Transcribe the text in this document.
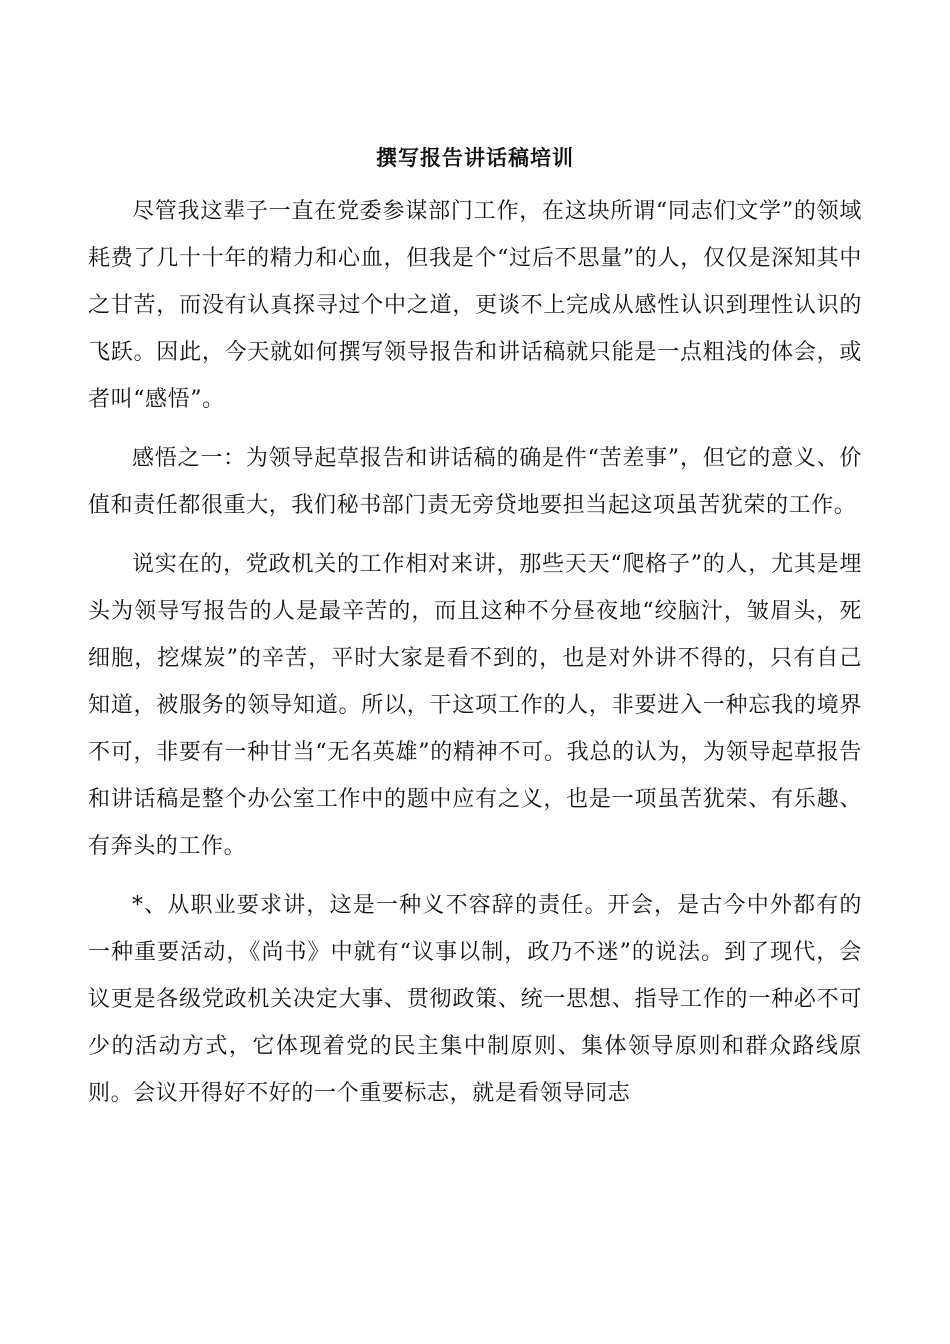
撰写报告讲话稿培训

尽管我这辈子一直在党委参谋部门工作，在这块所谓“同志们文学”的领域耗费了几十十年的精力和心血，但我是个“过后不思量”的人，仅仅是深知其中之甘苦，而没有认真探寻过个中之道，更谈不上完成从感性认识到理性认识的飞跃。因此，今天就如何撰写领导报告和讲话稿就只能是一点粗浅的体会，或者叫“感悟”。

感悟之一：为领导起草报告和讲话稿的确是件“苦差事”，但它的意义、价值和责任都很重大，我们秘书部门责无旁贷地要担当起这项虽苦犹荣的工作。

说实在的，党政机关的工作相对来讲，那些天天“爬格子”的人，尤其是埋头为领导写报告的人是最辛苦的，而且这种不分昼夜地“绞脑汁，皱眉头，死细胞，挖煤炭”的辛苦，平时大家是看不到的，也是对外讲不得的，只有自己知道，被服务的领导知道。所以，干这项工作的人，非要进入一种忘我的境界不可，非要有一种甘当“无名英雄”的精神不可。我总的认为，为领导起草报告和讲话稿是整个办公室工作中的题中应有之义，也是一项虽苦犹荣、有乐趣、有奔头的工作。

*、从职业要求讲，这是一种义不容辞的责任。开会，是古今中外都有的一种重要活动，《尚书》中就有“议事以制，政乃不迷”的说法。到了现代，会议更是各级党政机关决定大事、贯彻政策、统一思想、指导工作的一种必不可少的活动方式，它体现着党的民主集中制原则、集体领导原则和群众路线原则。会议开得好不好的一个重要标志，就是看领导同志
